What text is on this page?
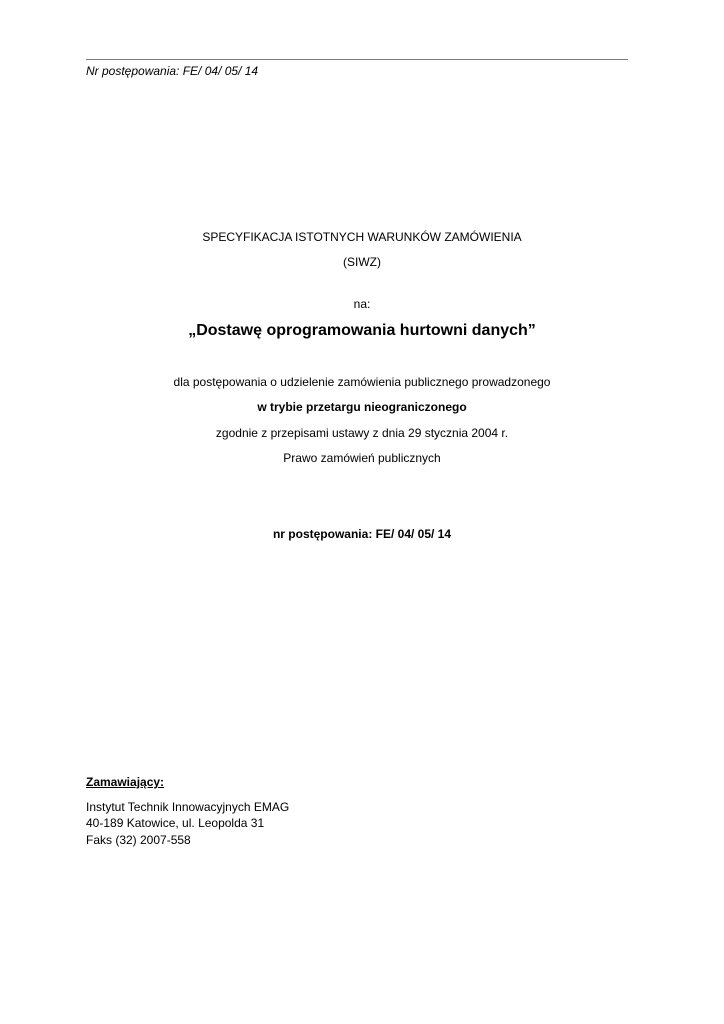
Nr postępowania: FE/ 04/ 05/ 14
SPECYFIKACJA ISTOTNYCH WARUNKÓW ZAMÓWIENIA
(SIWZ)
na:
„Dostawę oprogramowania hurtowni danych”
dla postępowania o udzielenie zamówienia publicznego prowadzonego
w trybie przetargu nieograniczonego
zgodnie z przepisami ustawy z dnia 29 stycznia 2004 r.
Prawo zamówień publicznych
nr postępowania: FE/ 04/ 05/ 14
Zamawiający:
Instytut Technik Innowacyjnych EMAG
40-189 Katowice, ul. Leopolda 31
Faks (32) 2007-558
